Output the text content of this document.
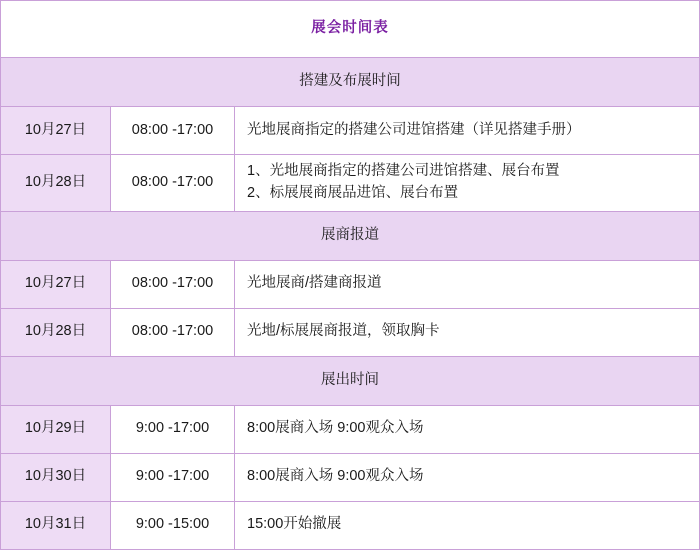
展会时间表		
搭建及布展时间		
10月27日	08:00 -17:00	光地展商指定的搭建公司进馆搭建（详见搭建手册）

10月28日	08:00 -17:00	1、光地展商指定的搭建公司进馆搭建、展台布置
2、标展展商展品进馆、展台布置

展商报道		
10月27日	08:00 -17:00	光地展商/搭建商报道

10月28日	08:00 -17:00	光地/标展展商报道，领取胸卡

展出时间		
10月29日	9:00 -17:00	8:00展商入场 9:00观众入场

10月30日	9:00 -17:00	8:00展商入场 9:00观众入场

10月31日	9:00 -15:00	15:00开始撤展
